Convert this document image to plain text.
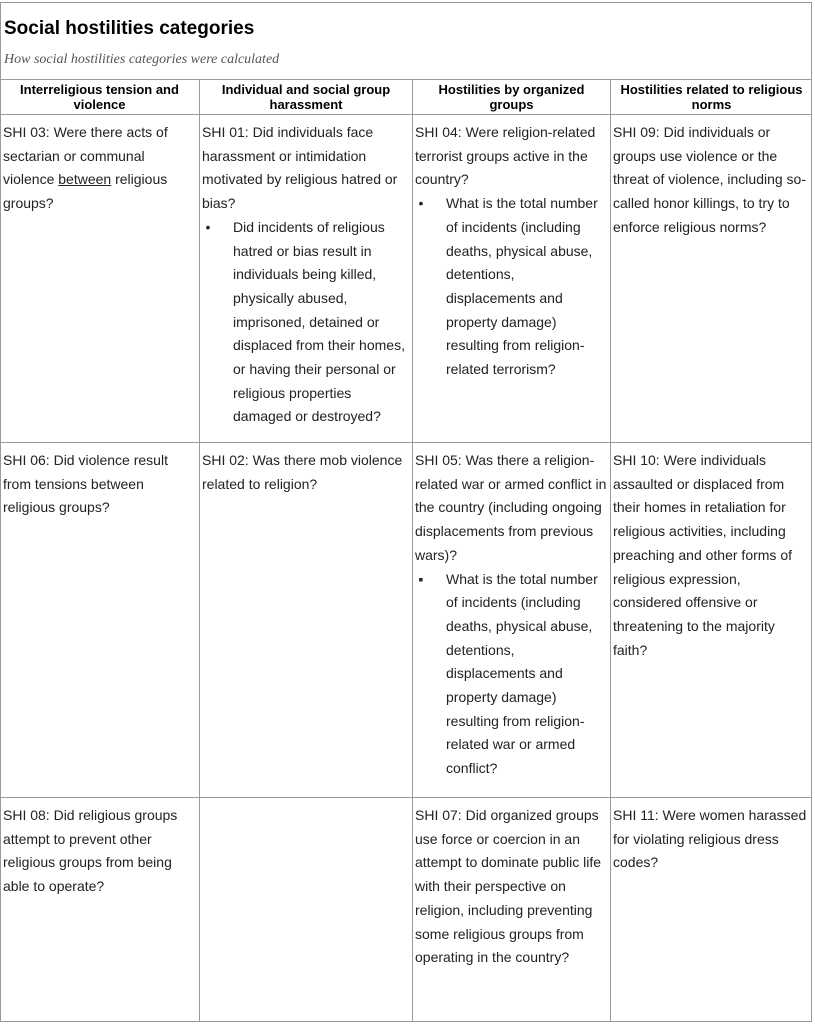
Social hostilities categories
How social hostilities categories were calculated
Interreligious tension and violence
Individual and social group harassment
Hostilities by organized groups
Hostilities related to religious norms

SHI 03: Were there acts of sectarian or communal violence between religious groups?

SHI 01: Did individuals face harassment or intimidation motivated by religious hatred or bias?

• Did incidents of religious hatred or bias result in individuals being killed, physically abused, imprisoned, detained or displaced from their homes, or having their personal or religious properties damaged or destroyed?

SHI 04: Were religion-related terrorist groups active in the country?

• What is the total number of incidents (including deaths, physical abuse, detentions, displacements and property damage) resulting from religion-related terrorism?

SHI 09: Did individuals or groups use violence or the threat of violence, including so-called honor killings, to try to enforce religious norms?

SHI 06: Did violence result from tensions between religious groups?

SHI 02: Was there mob violence related to religion?

SHI 05: Was there a religion-related war or armed conflict in the country (including ongoing displacements from previous wars)?

▪ What is the total number of incidents (including deaths, physical abuse, detentions, displacements and property damage) resulting from religion-related war or armed conflict?

SHI 10: Were individuals assaulted or displaced from their homes in retaliation for religious activities, including preaching and other forms of religious expression, considered offensive or threatening to the majority faith?

SHI 08: Did religious groups attempt to prevent other religious groups from being able to operate?

SHI 07: Did organized groups use force or coercion in an attempt to dominate public life with their perspective on religion, including preventing some religious groups from operating in the country?

SHI 11: Were women harassed for violating religious dress codes?
